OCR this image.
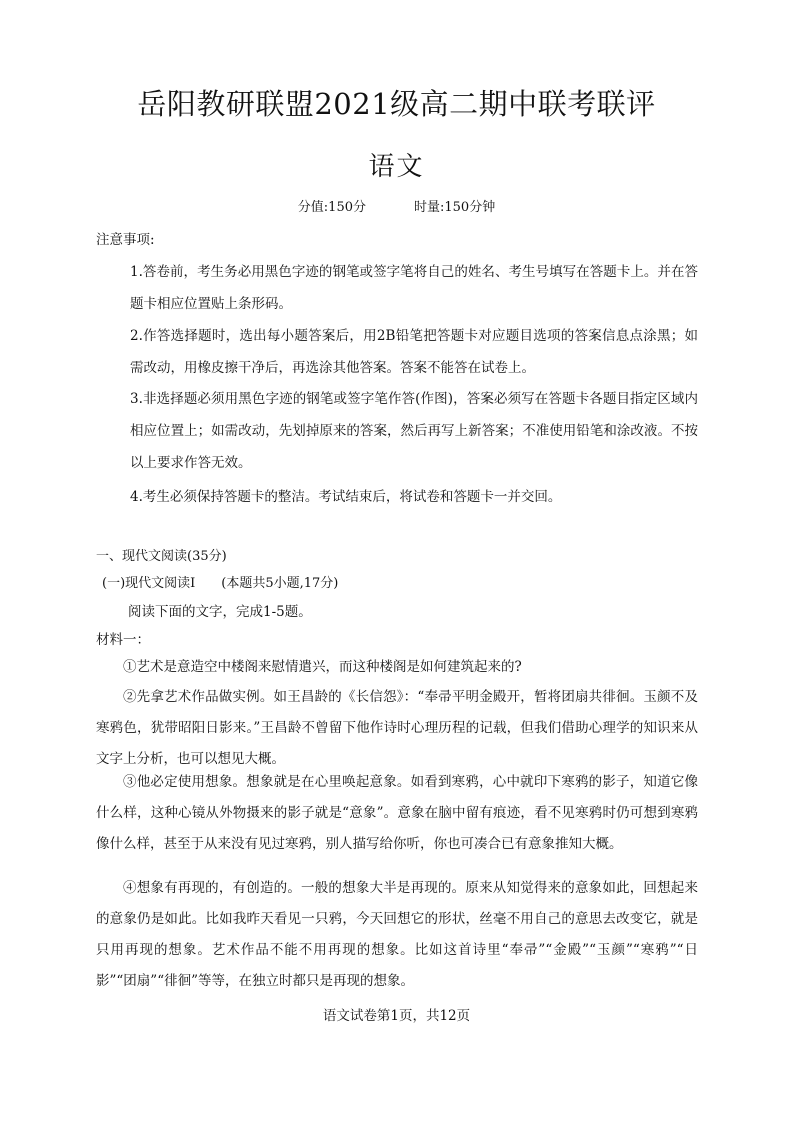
岳阳教研联盟2021级高二期中联考联评
语文
分值:150分	时量:150分钟
注意事项:
1.答卷前，考生务必用黑色字迹的钢笔或签字笔将自己的姓名、考生号填写在答题卡上。并在答题卡相应位置贴上条形码。
2.作答选择题时，选出每小题答案后，用2B铅笔把答题卡对应题目选项的答案信息点涂黑；如需改动，用橡皮擦干净后，再选涂其他答案。答案不能答在试卷上。
3.非选择题必须用黑色字迹的钢笔或签字笔作答(作图)，答案必须写在答题卡各题目指定区域内相应位置上；如需改动，先划掉原来的答案，然后再写上新答案；不准使用铅笔和涂改液。不按以上要求作答无效。
4.考生必须保持答题卡的整洁。考试结束后，将试卷和答题卡一并交回。
一、现代文阅读(35分)
(一)现代文阅读Ⅰ (本题共5小题,17分)
阅读下面的文字，完成1-5题。
材料一：
①艺术是意造空中楼阁来慰情遣兴，而这种楼阁是如何建筑起来的?
②先拿艺术作品做实例。如王昌龄的《长信怨》：“奉帚平明金殿开，暂将团扇共徘徊。玉颜不及寒鸦色，犹带昭阳日影来。”王昌龄不曾留下他作诗时心理历程的记载，但我们借助心理学的知识来从文字上分析，也可以想见大概。
③他必定使用想象。想象就是在心里唤起意象。如看到寒鸦，心中就印下寒鸦的影子，知道它像什么样，这种心镜从外物摄来的影子就是“意象”。意象在脑中留有痕迹，看不见寒鸦时仍可想到寒鸦像什么样，甚至于从来没有见过寒鸦，别人描写给你听，你也可凑合已有意象推知大概。
④想象有再现的，有创造的。一般的想象大半是再现的。原来从知觉得来的意象如此，回想起来的意象仍是如此。比如我昨天看见一只鸦，今天回想它的形状，丝毫不用自己的意思去改变它，就是只用再现的想象。艺术作品不能不用再现的想象。比如这首诗里“奉帚”“金殿”“玉颜”“寒鸦”“日影”“团扇”“徘徊”等等，在独立时都只是再现的想象。
语文试卷第1页，共12页
